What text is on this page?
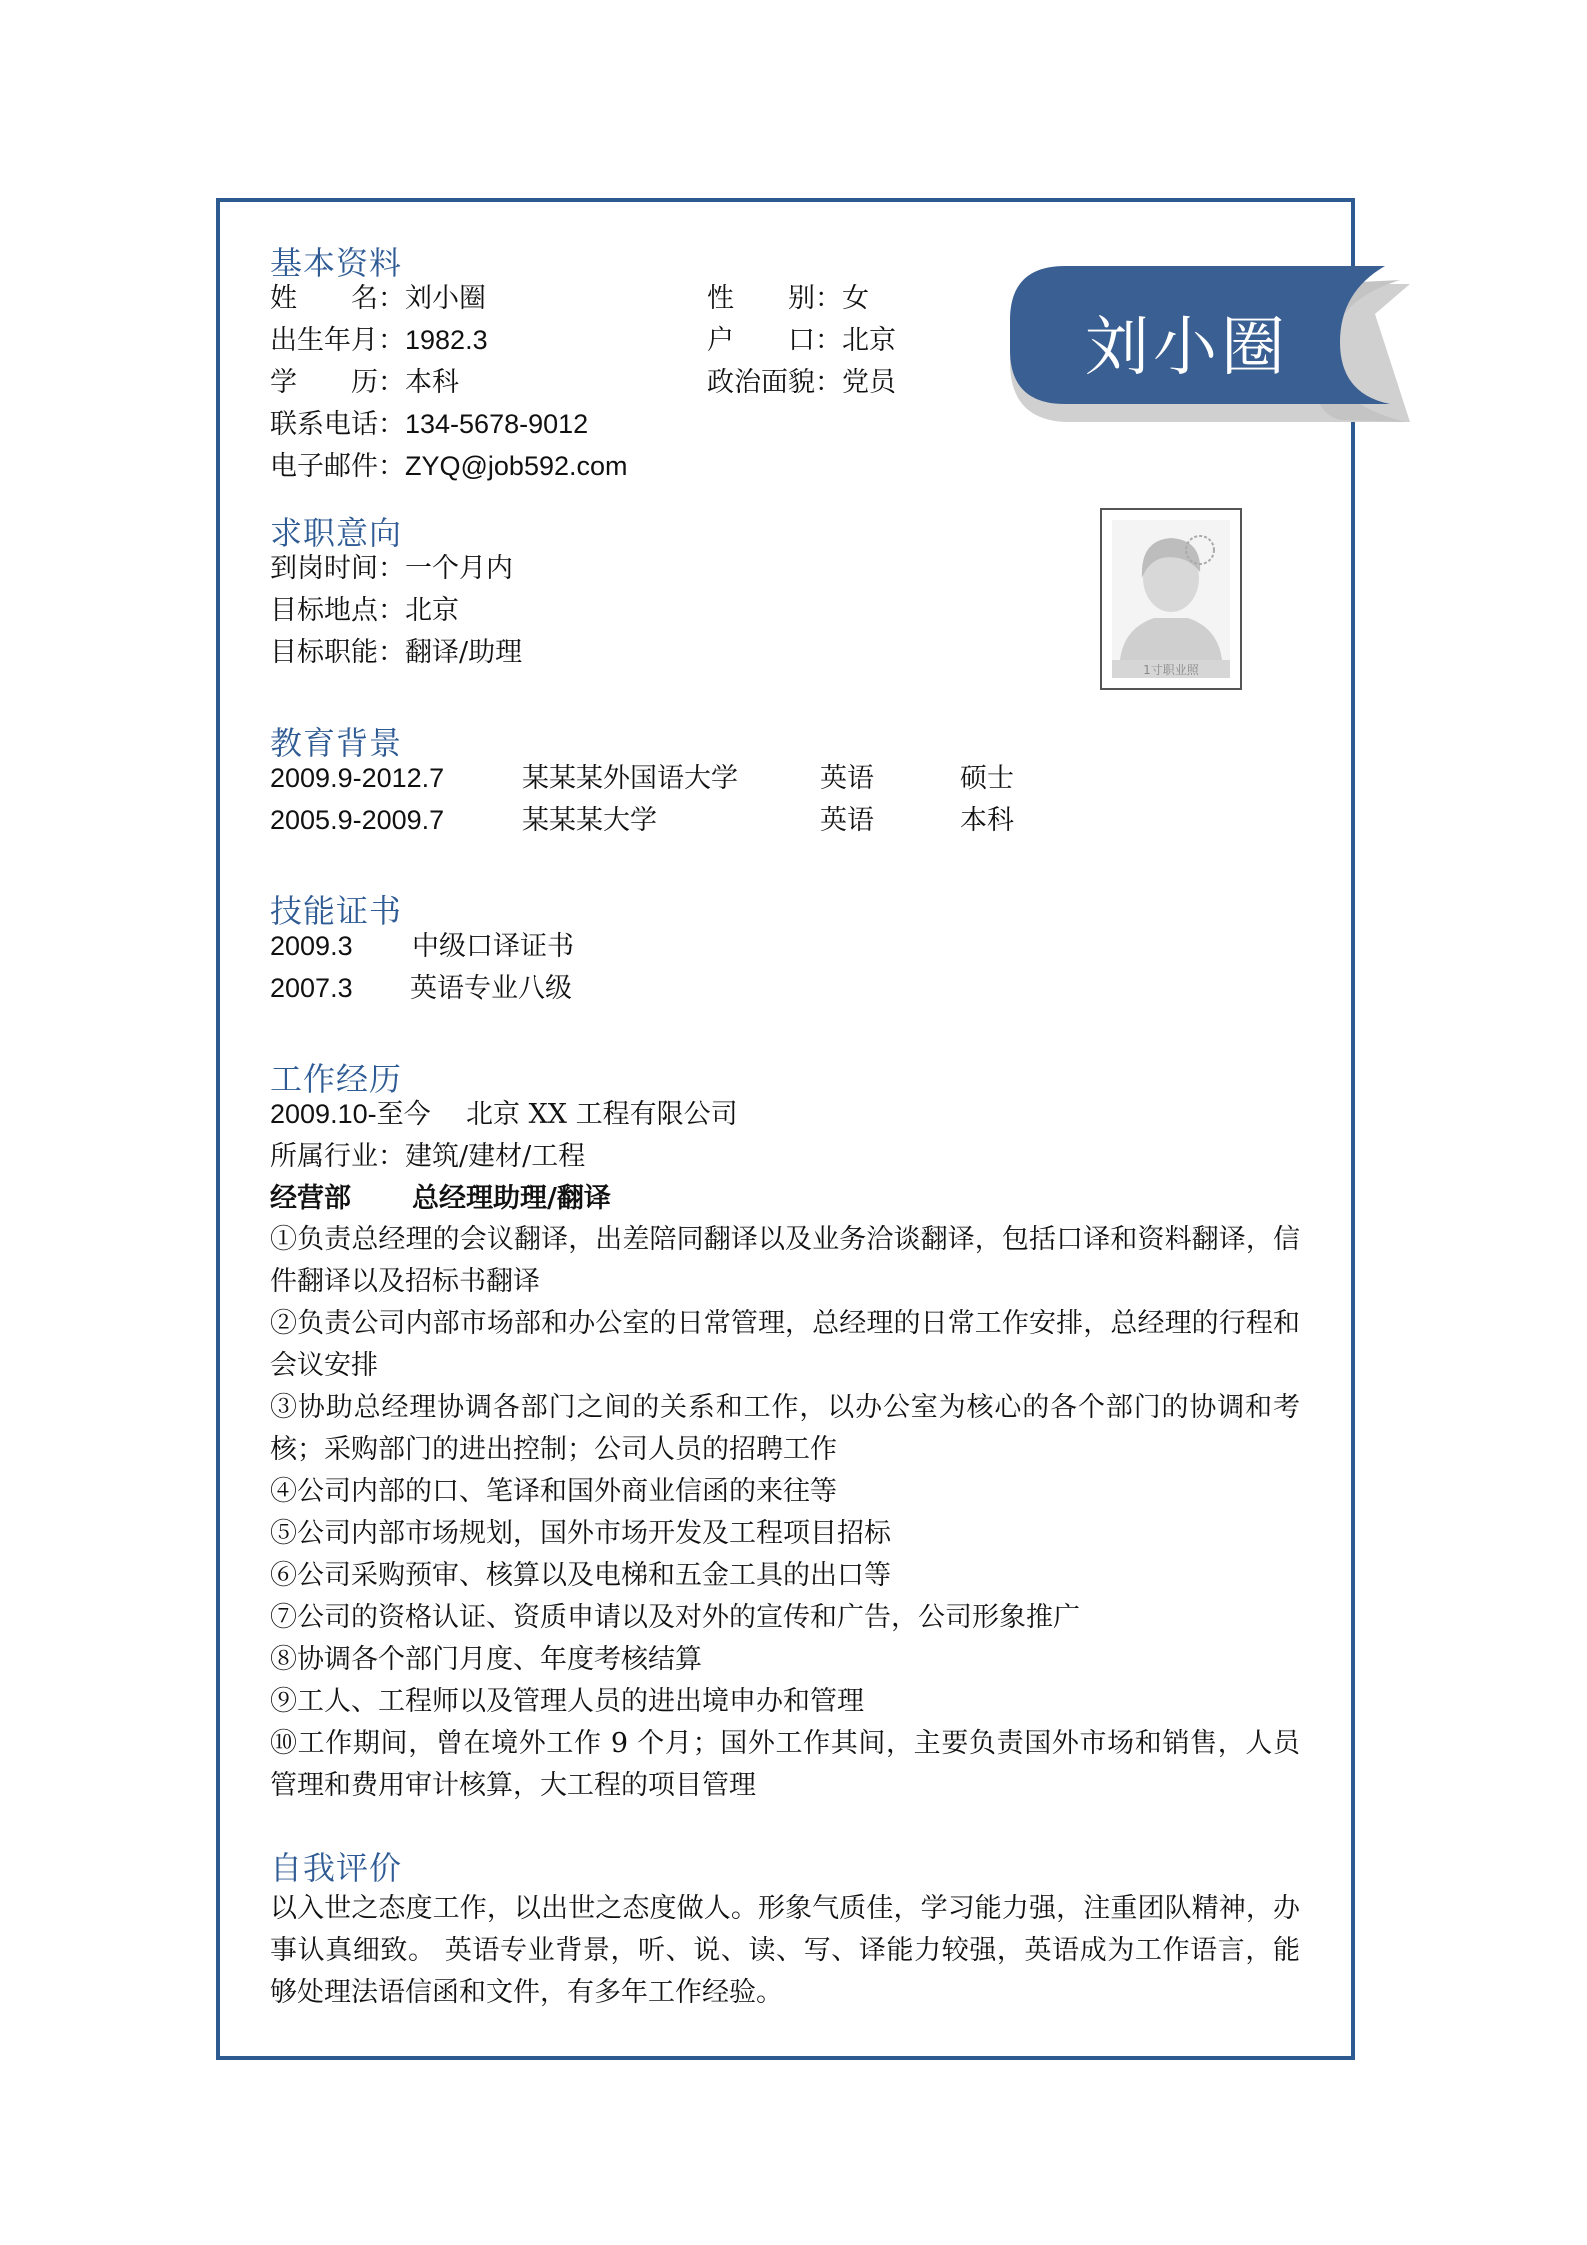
刘小圈
1寸职业照
基本资料
姓　　名：刘小圈	性　　别：女
出生年月：1982.3	户　　口：北京
学　　历：本科	政治面貌：党员
联系电话：134-5678-9012
电子邮件：ZYQ@job592.com
求职意向
到岗时间：一个月内
目标地点：北京
目标职能：翻译/助理
教育背景
2009.9-2012.7	某某某外国语大学	英语	硕士
2005.9-2009.7	某某某大学	英语	本科
技能证书
2009.3 中级口译证书
2007.3 英语专业八级
工作经历
2009.10-至今 北京 XX 工程有限公司
所属行业：建筑/建材/工程
经营部 总经理助理/翻译
①负责总经理的会议翻译，出差陪同翻译以及业务洽谈翻译，包括口译和资料翻译，信件翻译以及招标书翻译
②负责公司内部市场部和办公室的日常管理，总经理的日常工作安排，总经理的行程和会议安排
③协助总经理协调各部门之间的关系和工作，以办公室为核心的各个部门的协调和考核；采购部门的进出控制；公司人员的招聘工作
④公司内部的口、笔译和国外商业信函的来往等
⑤公司内部市场规划，国外市场开发及工程项目招标
⑥公司采购预审、核算以及电梯和五金工具的出口等
⑦公司的资格认证、资质申请以及对外的宣传和广告，公司形象推广
⑧协调各个部门月度、年度考核结算
⑨工人、工程师以及管理人员的进出境申办和管理
⑩工作期间，曾在境外工作 9 个月；国外工作其间，主要负责国外市场和销售，人员管理和费用审计核算，大工程的项目管理
自我评价
以入世之态度工作，以出世之态度做人。形象气质佳，学习能力强，注重团队精神，办事认真细致。 英语专业背景，听、说、读、写、译能力较强，英语成为工作语言，能够处理法语信函和文件，有多年工作经验。
